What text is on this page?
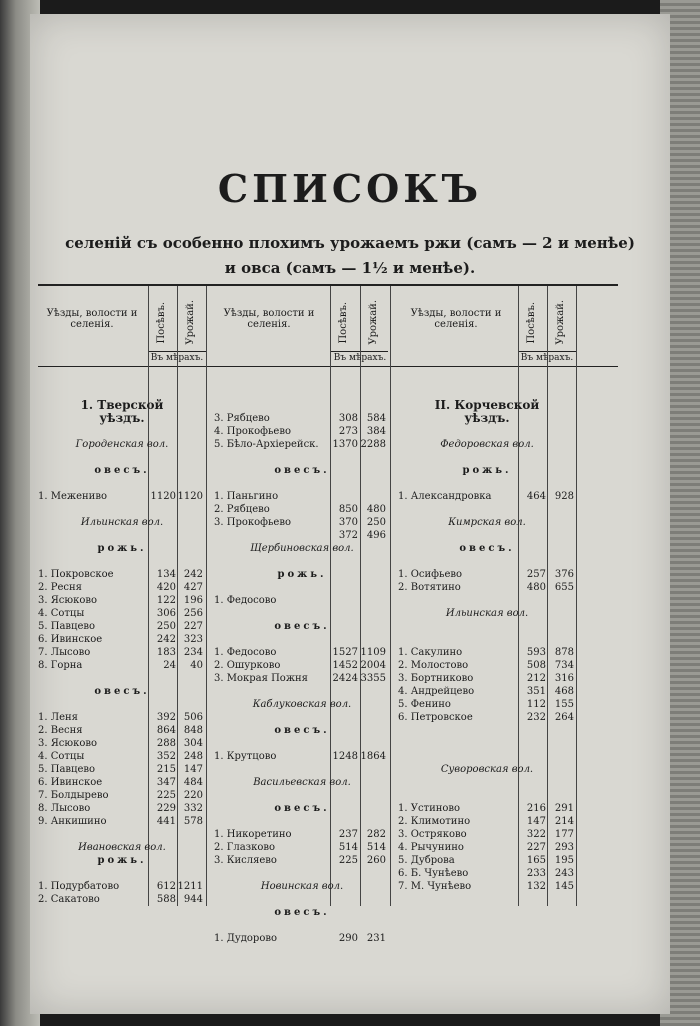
СПИСОКЪ
селеній съ особенно плохимъ урожаемъ ржи (самъ — 2 и менѣе)
и овса (самъ — 1½ и менѣе).
Уѣзды, волости и селенія.	Посѣвъ. Урожай.
Въ мѣрахъ.
Уѣзды, волости и селенія.	Посѣвъ. Урожай.
Въ мѣрахъ.
Уѣзды, волости и селенія.	Посѣвъ. Урожай.
Въ мѣрахъ.
1. Тверской
уѣздъ.
Городенская вол.
овесъ.
1. Межениво	1120 1120
Ильинская вол.
рожь.
1. Покровское	134 242
2. Ресня	420 427
3. Ясюково	122 196
4. Сотцы	306 256
5. Павцево	250 227
6. Ивинское	242 323
7. Лысово	183 234
8. Горна	24	40
овесъ.
1. Леня	392 506
2. Весня	864 848
3. Ясюково	288 304
4. Сотцы	352 248
5. Павцево	215 147
6. Ивинское	347 484
7. Болдырево	225 220
8. Лысово	229 332
9. Анкишино	441 578
Ивановская вол.
рожь.
1. Подурбатово	612 1211
2. Сакатово	588 944
3. Рябцево	308 584
4. Прокофьево	273 384
5. Бѣло-Архіерейск. 1370 2288
овесъ.
1. Паньгино
2. Рябцево	850 480
3. Прокофьево	370 250
372 496
Щербиновская вол.
рожь.
1. Федосово
овесъ.
1. Федосово	1527 1109
2. Ошурково	1452 2004
3. Мокрая Пожня 2424 3355
Каблуковская вол.
овесъ.
1. Крутцово	1248 1864
Васильевская вол.
овесъ.
1. Никоретино	237 282
2. Глазково	514 514
3. Кисляево	225 260
Новинская вол.
овесъ.
1. Дудорово	290 231
II. Корчевской
уѣздъ.
Федоровская вол.
рожь.
1. Александровка	464 928
Кимрская вол.
овесъ.
1. Осифьево	257 376
2. Вотятино	480 655
Ильинская вол.
1. Сакулино	593 878
2. Молостово	508 734
3. Бортниково	212 316
4. Андрейцево	351 468
5. Фенино	112 155
6. Петровское	232 264
Суворовская вол.
1. Устиново	216 291
2. Климотино	147 214
3. Остряково	322 177
4. Рычунино	227 293
5. Дуброва	165 195
6. Б. Чунѣево	233 243
7. М. Чунѣево	132 145
